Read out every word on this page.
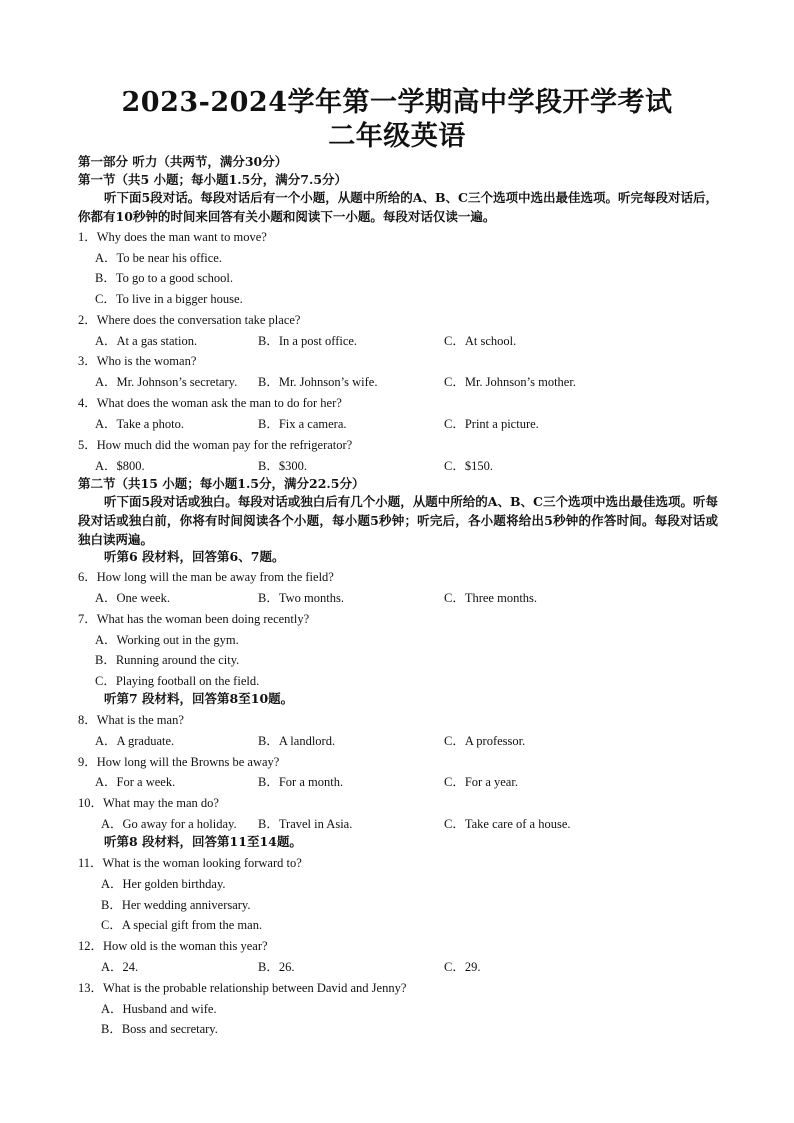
2023-2024学年第一学期高中学段开学考试
二年级英语
第一部分 听力（共两节，满分30分）
第一节（共5 小题；每小题1.5分，满分7.5分）
听下面5段对话。每段对话后有一个小题，从题中所给的A、B、C三个选项中选出最佳选项。听完每段对话后，你都有10秒钟的时间来回答有关小题和阅读下一小题。每段对话仅读一遍。
1．Why does the man want to move?
A．To be near his office.
B．To go to a good school.
C．To live in a bigger house.
2．Where does the conversation take place?
A．At a gas station.	B．In a post office.	C．At school.
3．Who is the woman?
A．Mr. Johnson’s secretary. B．Mr. Johnson’s wife.	C．Mr. Johnson’s mother.
4．What does the woman ask the man to do for her?
A．Take a photo.	B．Fix a camera.	C．Print a picture.
5．How much did the woman pay for the refrigerator?
A．$800.	B．$300.	C．$150.
第二节（共15 小题；每小题1.5分，满分22.5分）
听下面5段对话或独白。每段对话或独白后有几个小题，从题中所给的A、B、C三个选项中选出最佳选项。听每段对话或独白前，你将有时间阅读各个小题，每小题5秒钟；听完后，各小题将给出5秒钟的作答时间。每段对话或独白读两遍。
听第6 段材料，回答第6、7题。
6．How long will the man be away from the field?
A．One week.	B．Two months.	C．Three months.
7．What has the woman been doing recently?
A．Working out in the gym.
B．Running around the city.
C．Playing football on the field.
听第7 段材料，回答第8至10题。
8．What is the man?
A．A graduate.	B．A landlord.	C．A professor.
9．How long will the Browns be away?
A．For a week.	B．For a month.	C．For a year.
10．What may the man do?
A．Go away for a holiday. B．Travel in Asia.	C．Take care of a house.
听第8 段材料，回答第11至14题。
11．What is the woman looking forward to?
A．Her golden birthday.
B．Her wedding anniversary.
C．A special gift from the man.
12．How old is the woman this year?
A．24.	B．26.	C．29.
13．What is the probable relationship between David and Jenny?
A．Husband and wife.
B．Boss and secretary.
